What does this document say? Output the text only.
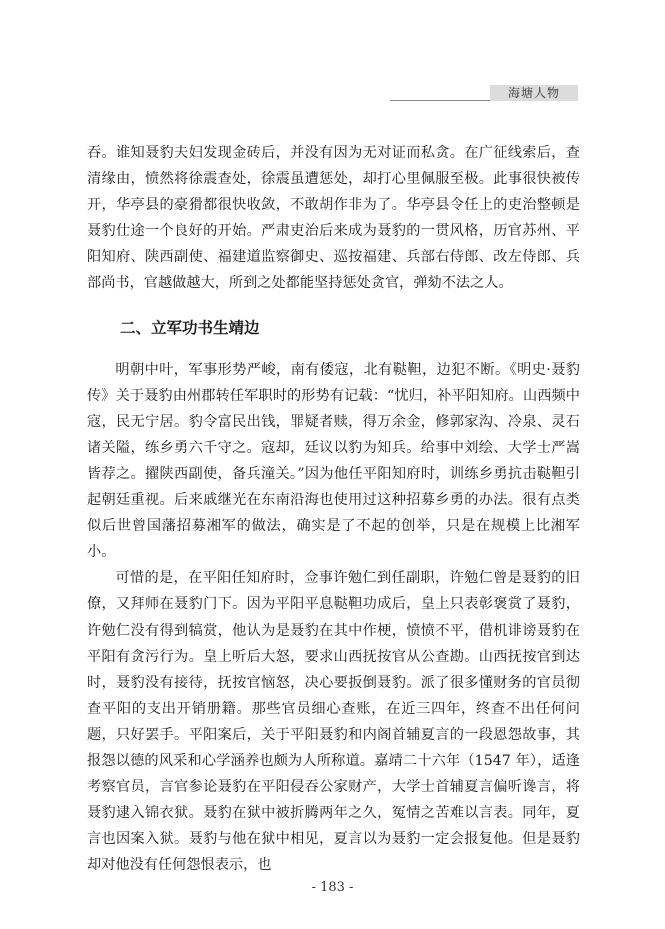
海塘人物

吞。谁知聂豹夫妇发现金砖后，并没有因为无对证而私贪。在广征线索后，查清缘由，愤然将徐震查处，徐震虽遭惩处，却打心里佩服至极。此事很快被传开，华亭县的豪猾都很快收敛，不敢胡作非为了。华亭县令任上的吏治整顿是聂豹仕途一个良好的开始。严肃吏治后来成为聂豹的一贯风格，历官苏州、平阳知府、陕西副使、福建道监察御史、巡按福建、兵部右侍郎、改左侍郎、兵部尚书，官越做越大，所到之处都能坚持惩处贪官，弹劾不法之人。

二、立军功书生靖边

明朝中叶，军事形势严峻，南有倭寇，北有鞑靼，边犯不断。《明史·聂豹传》关于聂豹由州郡转任军职时的形势有记载：“忧归，补平阳知府。山西频中寇，民无宁居。豹令富民出钱，罪疑者赎，得万余金，修郭家沟、冷泉、灵石诸关隘，练乡勇六千守之。寇却，廷议以豹为知兵。给事中刘绘、大学士严嵩皆荐之。擢陕西副使，备兵潼关。”因为他任平阳知府时，训练乡勇抗击鞑靼引起朝廷重视。后来戚继光在东南沿海也使用过这种招募乡勇的办法。很有点类似后世曾国藩招募湘军的做法，确实是了不起的创举，只是在规模上比湘军小。

可惜的是，在平阳任知府时，佥事许勉仁到任副职，许勉仁曾是聂豹的旧僚，又拜师在聂豹门下。因为平阳平息鞑靼功成后，皇上只表彰褒赏了聂豹，许勉仁没有得到犒赏，他认为是聂豹在其中作梗，愤愤不平，借机诽谤聂豹在平阳有贪污行为。皇上听后大怒，要求山西抚按官从公查勘。山西抚按官到达时，聂豹没有接待，抚按官恼怒，决心要扳倒聂豹。派了很多懂财务的官员彻查平阳的支出开销册籍。那些官员细心查账，在近三四年，终查不出任何问题，只好罢手。平阳案后，关于平阳聂豹和内阁首辅夏言的一段恩怨故事，其报怨以德的风采和心学涵养也颇为人所称道。嘉靖二十六年（1547 年），适逢考察官员，言官参论聂豹在平阳侵吞公家财产，大学士首辅夏言偏听谗言，将聂豹逮入锦衣狱。聂豹在狱中被折腾两年之久，冤情之苦难以言表。同年，夏言也因案入狱。聂豹与他在狱中相见，夏言以为聂豹一定会报复他。但是聂豹却对他没有任何怨恨表示，也

- 183 -
